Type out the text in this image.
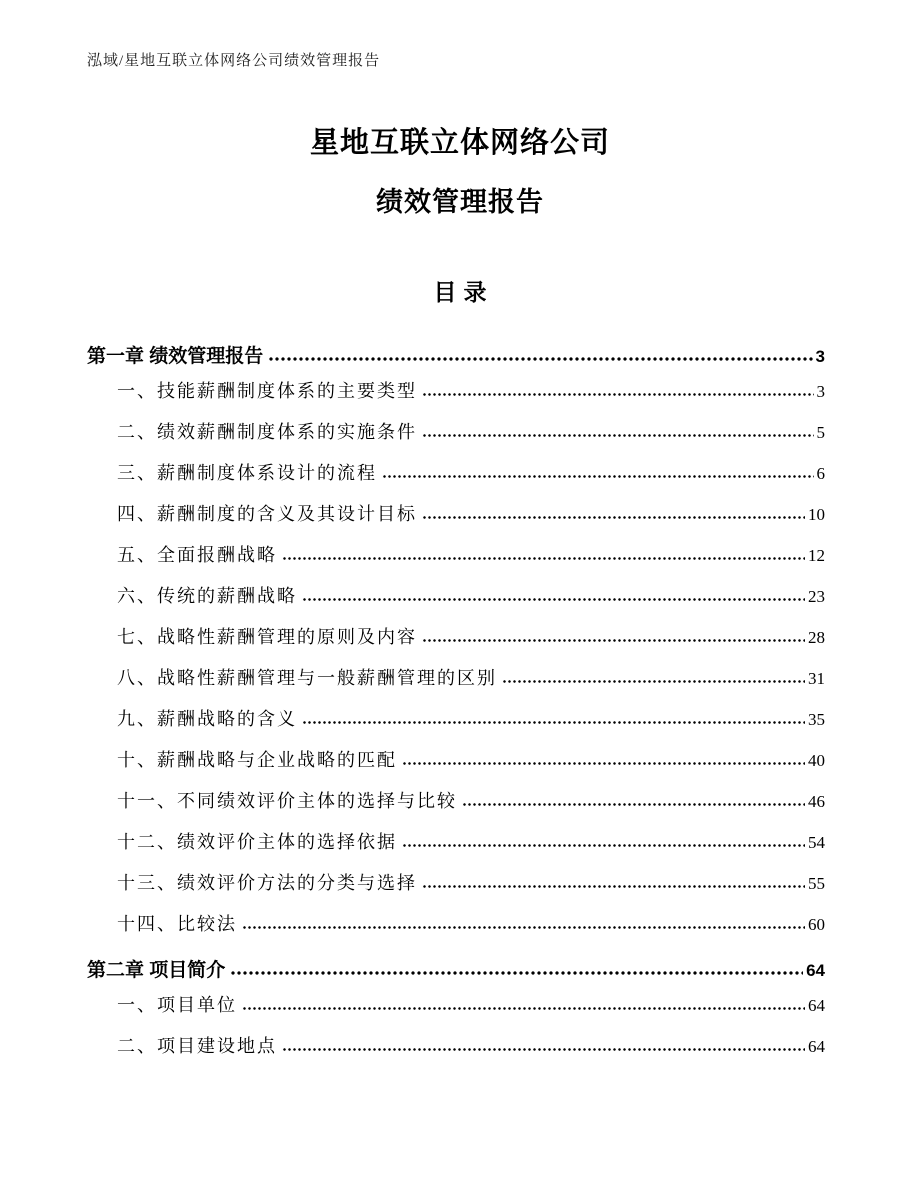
泓域/星地互联立体网络公司绩效管理报告
星地互联立体网络公司
绩效管理报告
目录
第一章 绩效管理报告	3
一、技能薪酬制度体系的主要类型	3
二、绩效薪酬制度体系的实施条件	5
三、薪酬制度体系设计的流程	6
四、薪酬制度的含义及其设计目标	10
五、全面报酬战略	12
六、传统的薪酬战略	23
七、战略性薪酬管理的原则及内容	28
八、战略性薪酬管理与一般薪酬管理的区别	31
九、薪酬战略的含义	35
十、薪酬战略与企业战略的匹配	40
十一、不同绩效评价主体的选择与比较	46
十二、绩效评价主体的选择依据	54
十三、绩效评价方法的分类与选择	55
十四、比较法	60
第二章 项目简介	64
一、项目单位	64
二、项目建设地点	64
